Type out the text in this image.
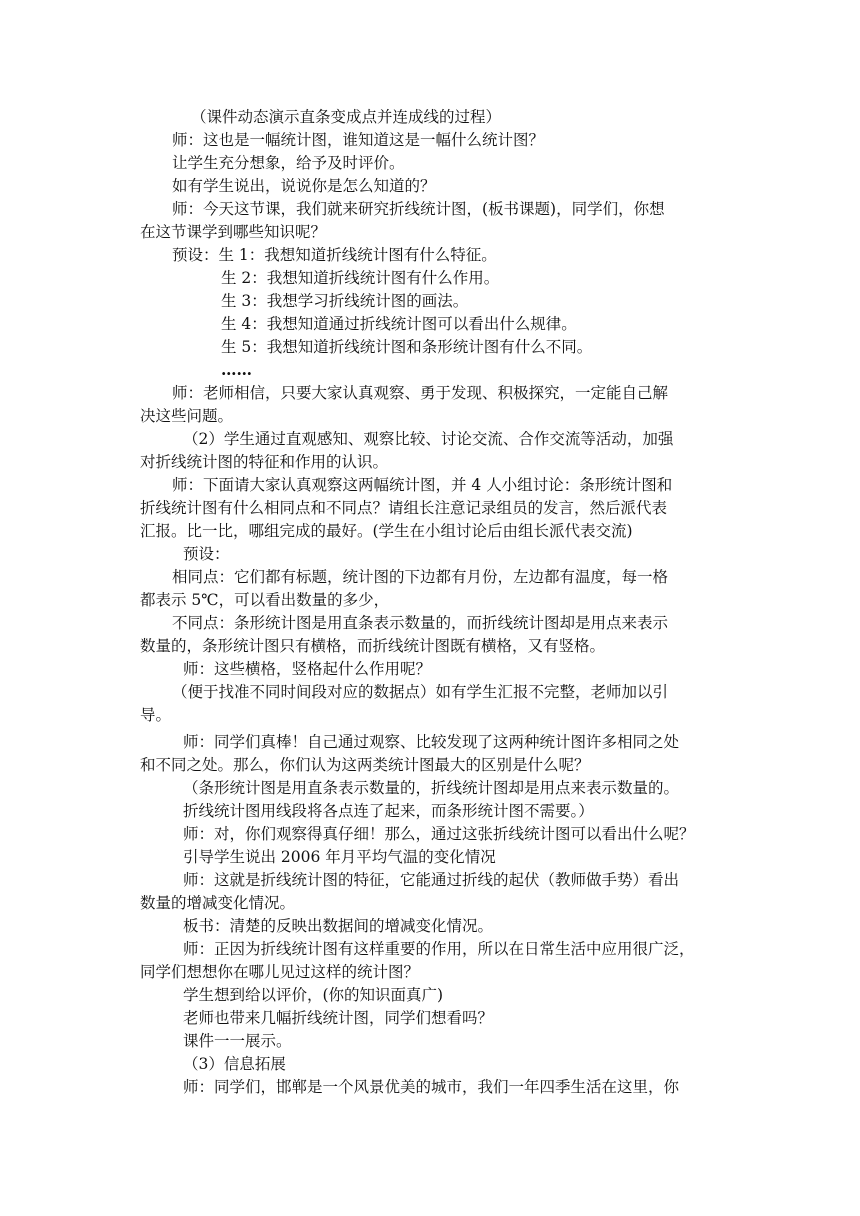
（课件动态演示直条变成点并连成线的过程）
师：这也是一幅统计图，谁知道这是一幅什么统计图？
让学生充分想象，给予及时评价。
如有学生说出，说说你是怎么知道的？
师：今天这节课，我们就来研究折线统计图，(板书课题)，同学们，你想
在这节课学到哪些知识呢？
预设：生 1：我想知道折线统计图有什么特征。
生 2：我想知道折线统计图有什么作用。
生 3：我想学习折线统计图的画法。
生 4：我想知道通过折线统计图可以看出什么规律。
生 5：我想知道折线统计图和条形统计图有什么不同。
……
师：老师相信，只要大家认真观察、勇于发现、积极探究，一定能自己解
决这些问题。
（2）学生通过直观感知、观察比较、讨论交流、合作交流等活动，加强
对折线统计图的特征和作用的认识。
师：下面请大家认真观察这两幅统计图，并 4 人小组讨论：条形统计图和
折线统计图有什么相同点和不同点？请组长注意记录组员的发言，然后派代表
汇报。比一比，哪组完成的最好。(学生在小组讨论后由组长派代表交流)
预设：
相同点：它们都有标题，统计图的下边都有月份，左边都有温度，每一格
都表示 5℃，可以看出数量的多少，
不同点：条形统计图是用直条表示数量的，而折线统计图却是用点来表示
数量的，条形统计图只有横格，而折线统计图既有横格，又有竖格。
师：这些横格，竖格起什么作用呢？
（便于找准不同时间段对应的数据点）如有学生汇报不完整，老师加以引
导。
师：同学们真棒！自己通过观察、比较发现了这两种统计图许多相同之处
和不同之处。那么，你们认为这两类统计图最大的区别是什么呢？
（条形统计图是用直条表示数量的，折线统计图却是用点来表示数量的。
折线统计图用线段将各点连了起来，而条形统计图不需要。）
师：对，你们观察得真仔细！那么，通过这张折线统计图可以看出什么呢？
引导学生说出 2006 年月平均气温的变化情况
师：这就是折线统计图的特征，它能通过折线的起伏（教师做手势）看出
数量的增减变化情况。
板书：清楚的反映出数据间的增减变化情况。
师：正因为折线统计图有这样重要的作用，所以在日常生活中应用很广泛，
同学们想想你在哪儿见过这样的统计图？
学生想到给以评价，(你的知识面真广)
老师也带来几幅折线统计图，同学们想看吗？
课件一一展示。
（3）信息拓展
师：同学们，邯郸是一个风景优美的城市，我们一年四季生活在这里，你
